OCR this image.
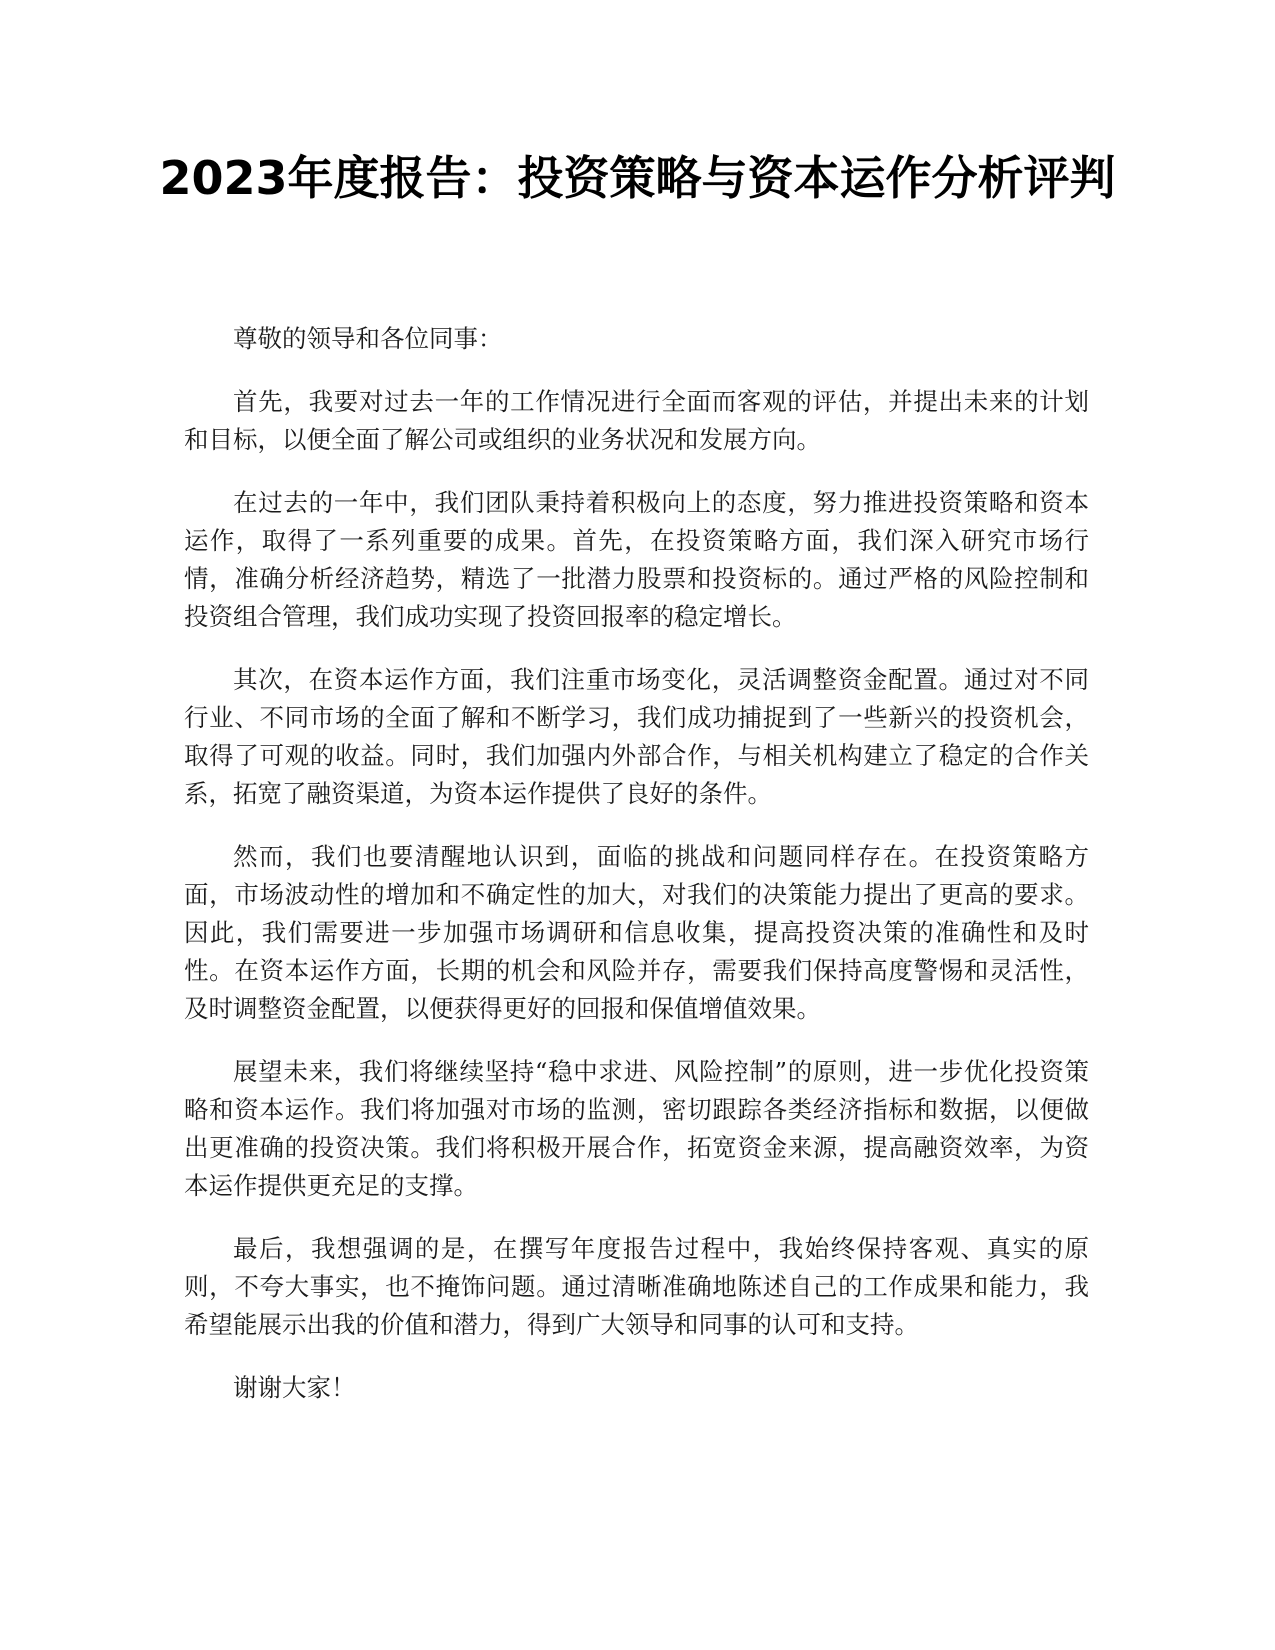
2023年度报告：投资策略与资本运作分析评判

尊敬的领导和各位同事：

首先，我要对过去一年的工作情况进行全面而客观的评估，并提出未来的计划和目标，以便全面了解公司或组织的业务状况和发展方向。

在过去的一年中，我们团队秉持着积极向上的态度，努力推进投资策略和资本运作，取得了一系列重要的成果。首先，在投资策略方面，我们深入研究市场行情，准确分析经济趋势，精选了一批潜力股票和投资标的。通过严格的风险控制和投资组合管理，我们成功实现了投资回报率的稳定增长。

其次，在资本运作方面，我们注重市场变化，灵活调整资金配置。通过对不同行业、不同市场的全面了解和不断学习，我们成功捕捉到了一些新兴的投资机会，取得了可观的收益。同时，我们加强内外部合作，与相关机构建立了稳定的合作关系，拓宽了融资渠道，为资本运作提供了良好的条件。

然而，我们也要清醒地认识到，面临的挑战和问题同样存在。在投资策略方面，市场波动性的增加和不确定性的加大，对我们的决策能力提出了更高的要求。因此，我们需要进一步加强市场调研和信息收集，提高投资决策的准确性和及时性。在资本运作方面，长期的机会和风险并存，需要我们保持高度警惕和灵活性，及时调整资金配置，以便获得更好的回报和保值增值效果。

展望未来，我们将继续坚持“稳中求进、风险控制”的原则，进一步优化投资策略和资本运作。我们将加强对市场的监测，密切跟踪各类经济指标和数据，以便做出更准确的投资决策。我们将积极开展合作，拓宽资金来源，提高融资效率，为资本运作提供更充足的支撑。

最后，我想强调的是，在撰写年度报告过程中，我始终保持客观、真实的原则，不夸大事实，也不掩饰问题。通过清晰准确地陈述自己的工作成果和能力，我希望能展示出我的价值和潜力，得到广大领导和同事的认可和支持。

谢谢大家！
